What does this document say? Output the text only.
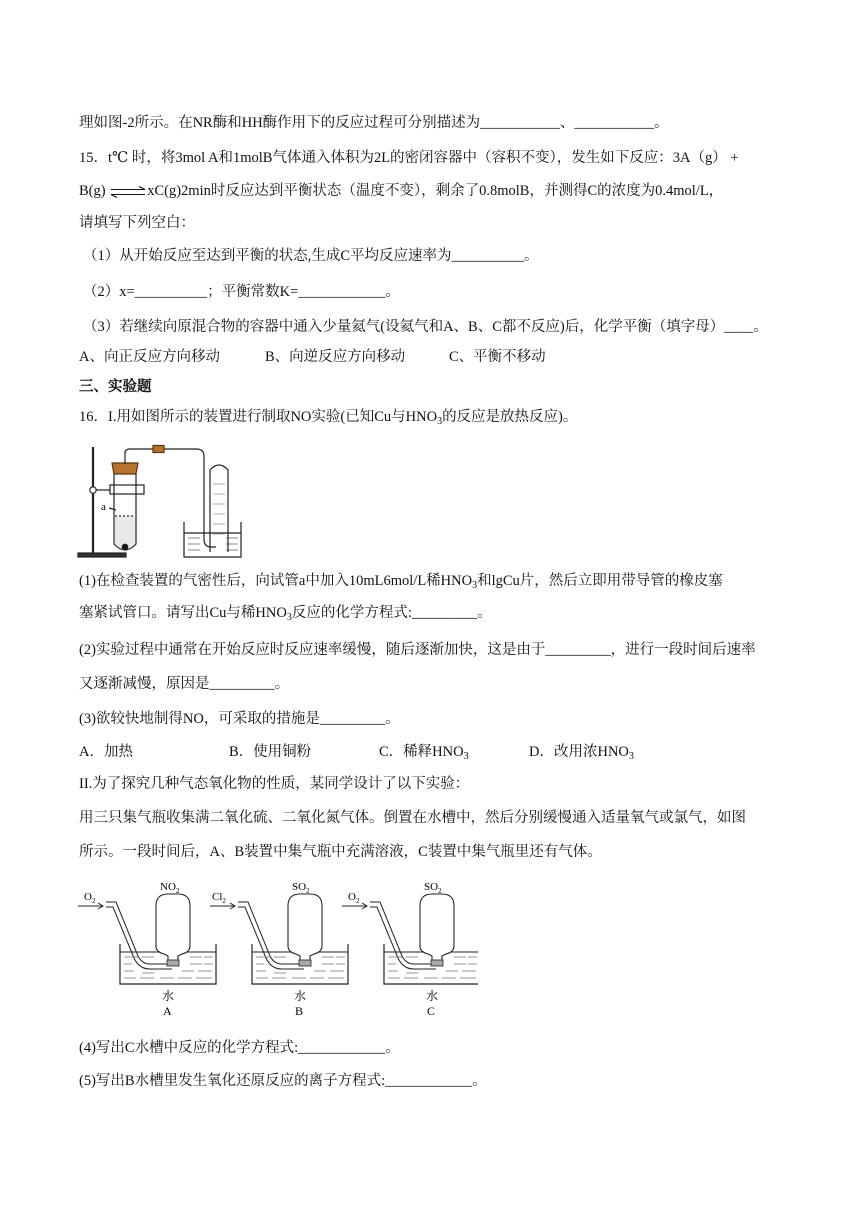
理如图-2所示。在NR酶和HH酶作用下的反应过程可分别描述为___________、___________。
15．t℃ 时，将3mol A和1molB气体通入体积为2L的密闭容器中（容积不变），发生如下反应：3A（g） +
B(g) ⇌xC(g)2min时反应达到平衡状态（温度不变），剩余了0.8molB，并测得C的浓度为0.4mol/L，
请填写下列空白：
（1）从开始反应至达到平衡的状态,生成C平均反应速率为__________。
（2）x=__________；平衡常数K=____________。
（3）若继续向原混合物的容器中通入少量氦气(设氦气和A、B、C都不反应)后，化学平衡（填字母）____。
A、向正反应方向移动	B、向逆反应方向移动	C、平衡不移动
三、实验题
16．I.用如图所示的装置进行制取NO实验(已知Cu与$HNO_3$的反应是放热反应)。
a
(1)在检查装置的气密性后，向试管a中加入10mL6mol/L稀$HNO_3$和lgCu片，然后立即用带导管的橡皮塞
塞紧试管口。请写出Cu与稀$HNO_3$反应的化学方程式:_________。
(2)实验过程中通常在开始反应时反应速率缓慢，随后逐渐加快，这是由于_________，进行一段时间后速率
又逐渐减慢，原因是_________。
(3)欲较快地制得NO，可采取的措施是_________。
A．加热	B．使用铜粉	C．稀释$HNO_3$	D．改用浓$HNO_3$
II.为了探究几种气态氧化物的性质，某同学设计了以下实验：
用三只集气瓶收集满二氧化硫、二氧化氮气体。倒置在水槽中，然后分别缓慢通入适量氧气或氯气，如图
所示。一段时间后，A、B装置中集气瓶中充满溶液，C装置中集气瓶里还有气体。
$O_2$
$NO_2$
水
A
$Cl_2$
$SO_2$
水
B
$O_2$
$SO_2$
水
C
(4)写出C水槽中反应的化学方程式:____________。
(5)写出B水槽里发生氧化还原反应的离子方程式:____________。
